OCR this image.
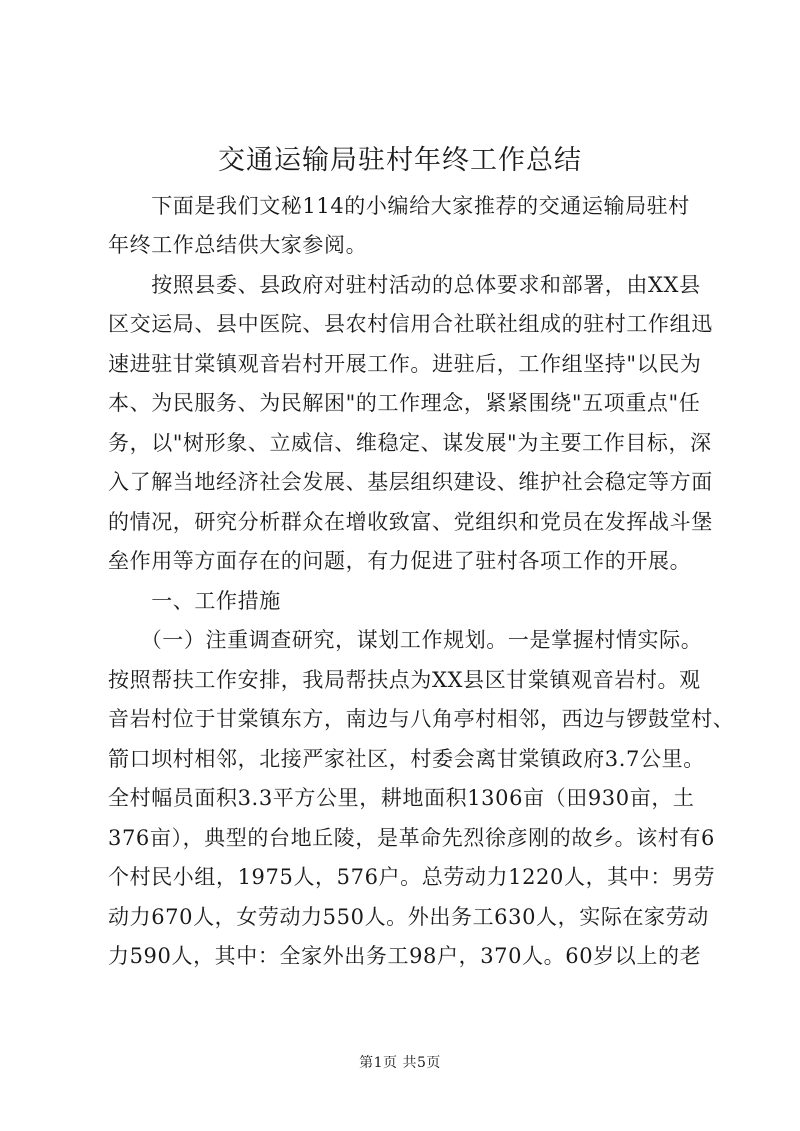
交通运输局驻村年终工作总结
　　下面是我们文秘114的小编给大家推荐的交通运输局驻村
年终工作总结供大家参阅。
　　按照县委、县政府对驻村活动的总体要求和部署，由XX县
区交运局、县中医院、县农村信用合社联社组成的驻村工作组迅
速进驻甘棠镇观音岩村开展工作。进驻后，工作组坚持"以民为
本、为民服务、为民解困"的工作理念，紧紧围绕"五项重点"任
务，以"树形象、立威信、维稳定、谋发展"为主要工作目标，深
入了解当地经济社会发展、基层组织建设、维护社会稳定等方面
的情况，研究分析群众在增收致富、党组织和党员在发挥战斗堡
垒作用等方面存在的问题，有力促进了驻村各项工作的开展。
　　一、工作措施
　　（一）注重调查研究，谋划工作规划。一是掌握村情实际。
按照帮扶工作安排，我局帮扶点为XX县区甘棠镇观音岩村。观
音岩村位于甘棠镇东方，南边与八角亭村相邻，西边与锣鼓堂村、
箭口坝村相邻，北接严家社区，村委会离甘棠镇政府3.7公里。
全村幅员面积3.3平方公里，耕地面积1306亩（田930亩，土
376亩），典型的台地丘陵，是革命先烈徐彦刚的故乡。该村有6
个村民小组，1975人，576户。总劳动力1220人，其中：男劳
动力670人，女劳动力550人。外出务工630人，实际在家劳动
力590人，其中：全家外出务工98户，370人。60岁以上的老
第1页 共5页
